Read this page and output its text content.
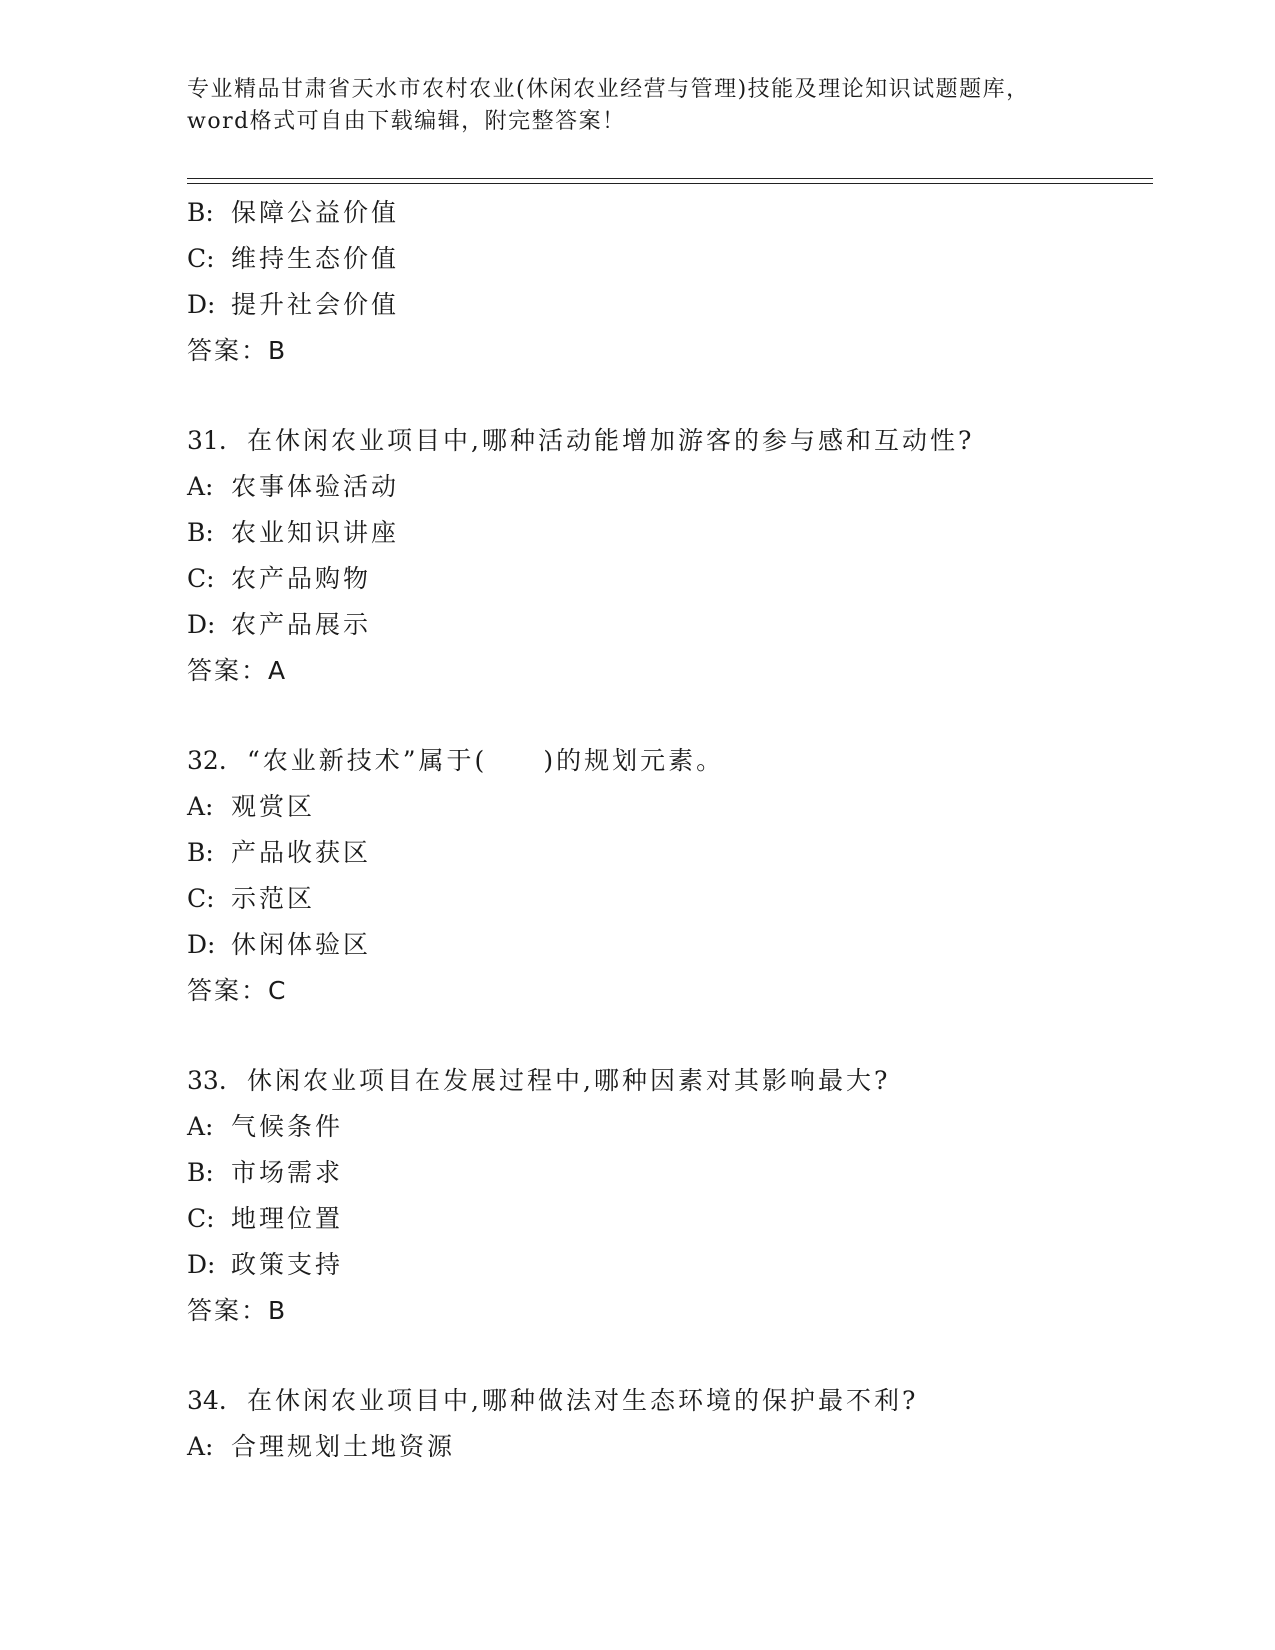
专业精品甘肃省天水市农村农业(休闲农业经营与管理)技能及理论知识试题题库，
word格式可自由下载编辑，附完整答案！
B: 保障公益价值
C: 维持生态价值
D: 提升社会价值
答案：B
31. 在休闲农业项目中,哪种活动能增加游客的参与感和互动性?
A: 农事体验活动
B: 农业知识讲座
C: 农产品购物
D: 农产品展示
答案：A
32. “农业新技术”属于(　　)的规划元素。
A: 观赏区
B: 产品收获区
C: 示范区
D: 休闲体验区
答案：C
33. 休闲农业项目在发展过程中,哪种因素对其影响最大?
A: 气候条件
B: 市场需求
C: 地理位置
D: 政策支持
答案：B
34. 在休闲农业项目中,哪种做法对生态环境的保护最不利?
A: 合理规划土地资源
